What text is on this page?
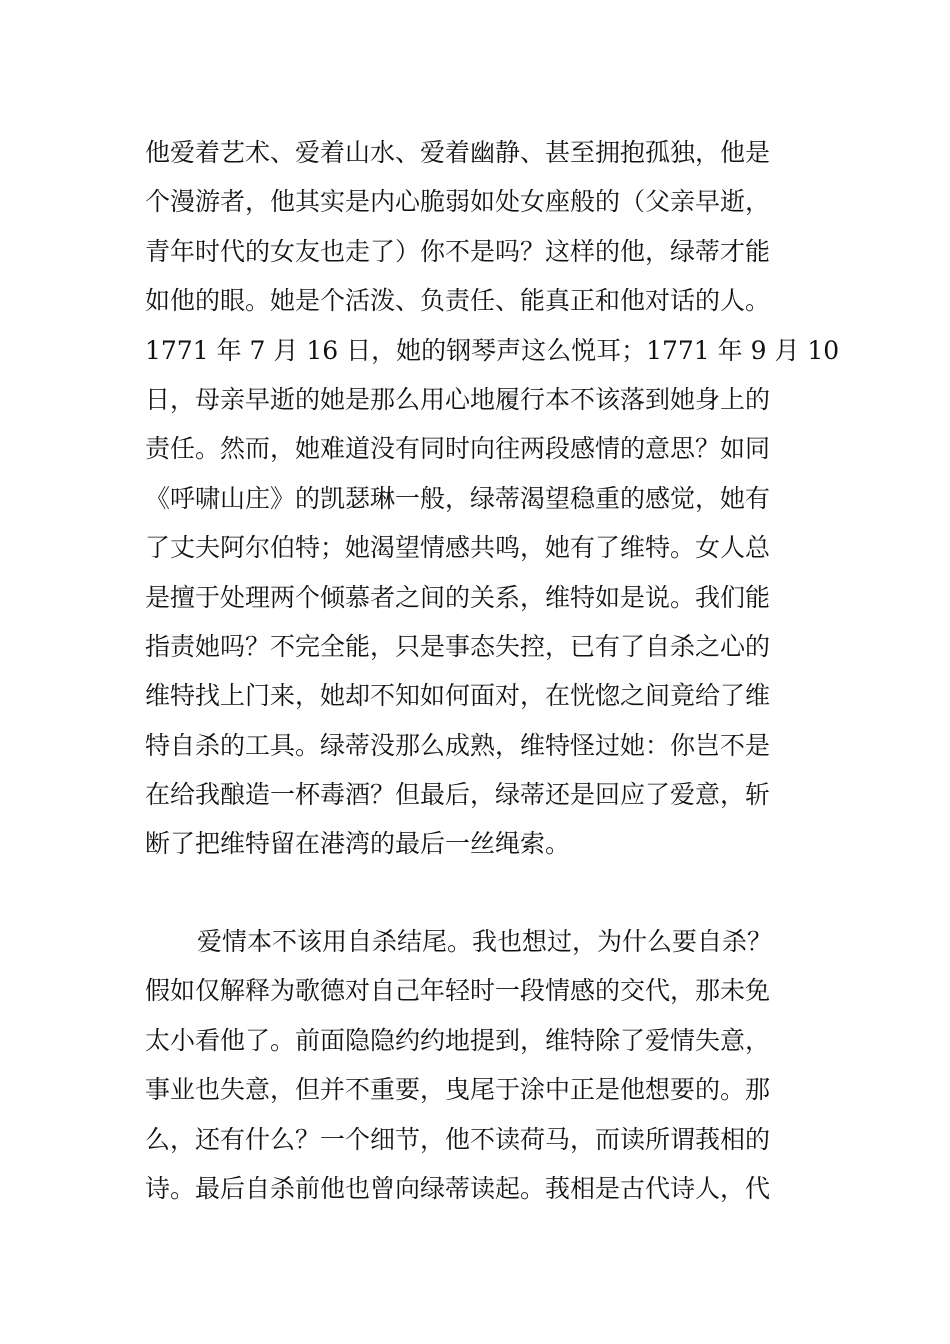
他爱着艺术、爱着山水、爱着幽静、甚至拥抱孤独，他是
个漫游者，他其实是内心脆弱如处女座般的（父亲早逝，
青年时代的女友也走了）你不是吗？这样的他，绿蒂才能
如他的眼。她是个活泼、负责任、能真正和他对话的人。
1771 年 7 月 16 日，她的钢琴声这么悦耳；1771 年 9 月 10
日，母亲早逝的她是那么用心地履行本不该落到她身上的
责任。然而，她难道没有同时向往两段感情的意思？如同
《呼啸山庄》的凯瑟琳一般，绿蒂渴望稳重的感觉，她有
了丈夫阿尔伯特；她渴望情感共鸣，她有了维特。女人总
是擅于处理两个倾慕者之间的关系，维特如是说。我们能
指责她吗？不完全能，只是事态失控，已有了自杀之心的
维特找上门来，她却不知如何面对，在恍惚之间竟给了维
特自杀的工具。绿蒂没那么成熟，维特怪过她：你岂不是
在给我酿造一杯毒酒？但最后，绿蒂还是回应了爱意，斩
断了把维特留在港湾的最后一丝绳索。
爱情本不该用自杀结尾。我也想过，为什么要自杀？
假如仅解释为歌德对自己年轻时一段情感的交代，那未免
太小看他了。前面隐隐约约地提到，维特除了爱情失意，
事业也失意，但并不重要，曳尾于涂中正是他想要的。那
么，还有什么？一个细节，他不读荷马，而读所谓莪相的
诗。最后自杀前他也曾向绿蒂读起。莪相是古代诗人，代
